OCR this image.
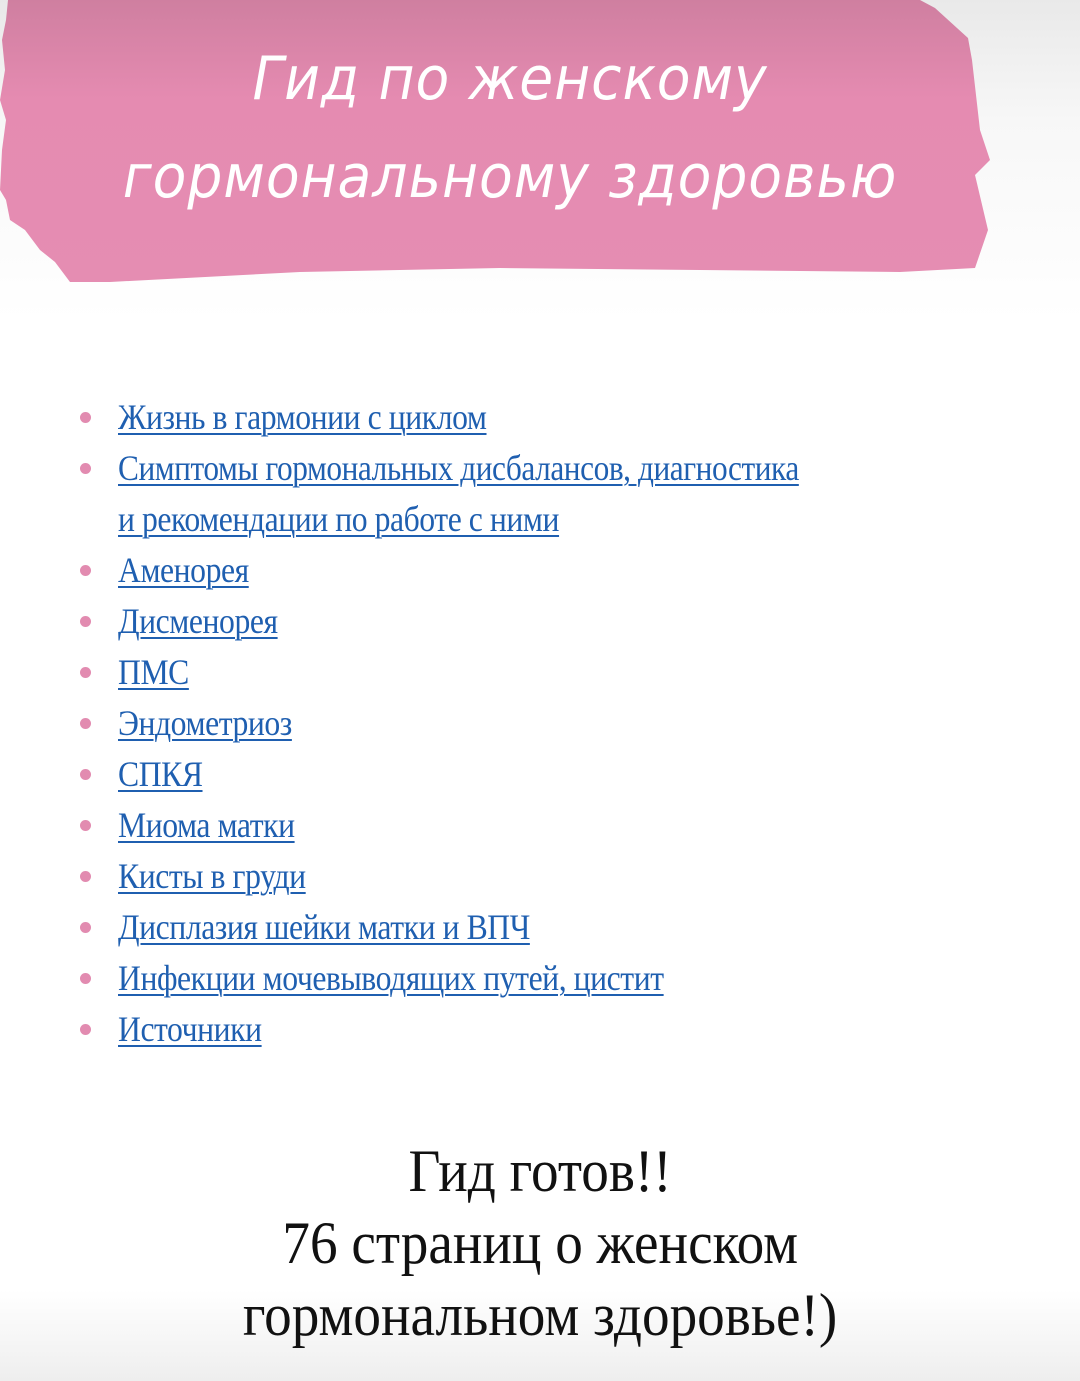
Гид по женскому
гормональному здоровью
Жизнь в гармонии с циклом
Симптомы гормональных дисбалансов, диагностика
и рекомендации по работе с ними
Аменорея
Дисменорея
ПМС
Эндометриоз
СПКЯ
Миома матки
Кисты в груди
Дисплазия шейки матки и ВПЧ
Инфекции мочевыводящих путей, цистит
Источники
Гид готов!!
76 страниц о женском
гормональном здоровье!)
